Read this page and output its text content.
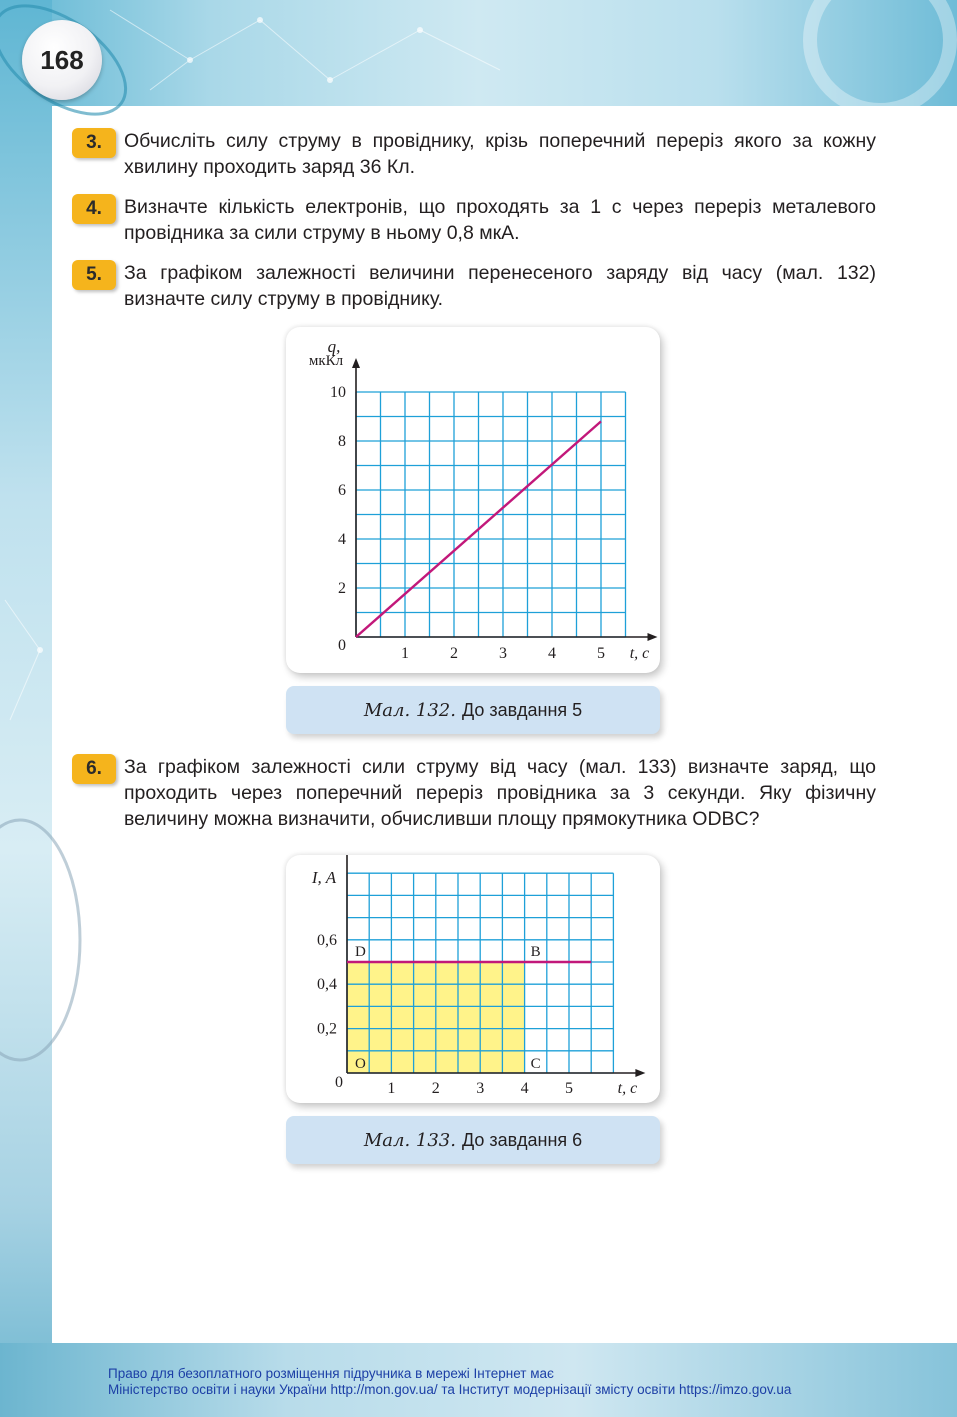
168
3.	Обчисліть силу струму в провіднику, крізь поперечний переріз якого за кожну хвилину проходить заряд 36 Кл.
4.	Визначте кількість електронів, що проходять за 1 с через переріз металевого провідника за сили струму в ньому 0,8 мкА.
5.	За графіком залежності величини перенесеного заряду від часу (мал. 132) визначте силу струму в провіднику.
1	2	3	4	5
0
2
4
6
8
10
t, с
q,
мкКл
Мал. 132. До завдання 5
6.	За графіком залежності сили струму від часу (мал. 133) визначте заряд, що проходить через поперечний переріз провідника за 3 секунди. Яку фізичну величину можна визначити, обчисливши площу прямокутника ODBC?
1 2 3 4 5
0,2
0,4
0,6
t, с
I, A
0
O
D	B
C
Мал. 133. До завдання 6
Право для безоплатного розміщення підручника в мережі Інтернет має
Міністерство освіти і науки України http://mon.gov.ua/ та Інститут модернізації змісту освіти https://imzo.gov.ua
